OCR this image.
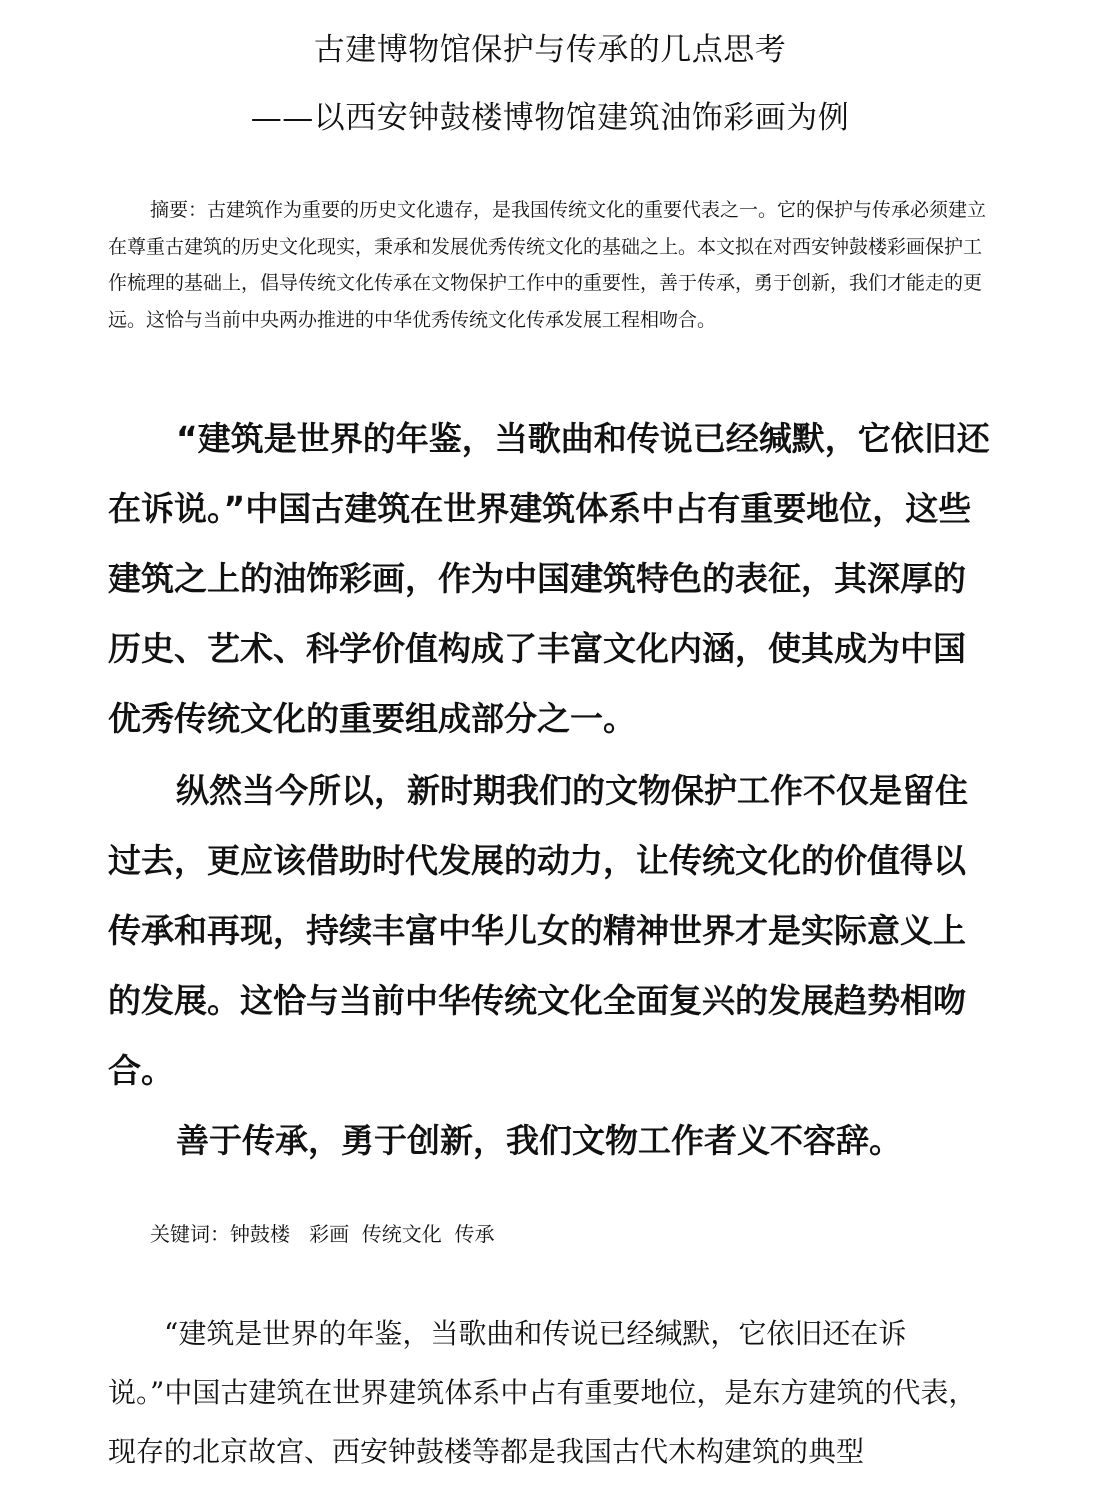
古建博物馆保护与传承的几点思考
——以西安钟鼓楼博物馆建筑油饰彩画为例

摘要：古建筑作为重要的历史文化遗存，是我国传统文化的重要代表之一。它的保护与传承必须建立在尊重古建筑的历史文化现实，秉承和发展优秀传统文化的基础之上。本文拟在对西安钟鼓楼彩画保护工作梳理的基础上，倡导传统文化传承在文物保护工作中的重要性，善于传承，勇于创新，我们才能走的更远。这恰与当前中央两办推进的中华优秀传统文化传承发展工程相吻合。

“建筑是世界的年鉴，当歌曲和传说已经缄默，它依旧还在诉说。”中国古建筑在世界建筑体系中占有重要地位，这些建筑之上的油饰彩画，作为中国建筑特色的表征，其深厚的历史、艺术、科学价值构成了丰富文化内涵，使其成为中国优秀传统文化的重要组成部分之一。

纵然当今所以，新时期我们的文物保护工作不仅是留住过去，更应该借助时代发展的动力，让传统文化的价值得以传承和再现，持续丰富中华儿女的精神世界才是实际意义上的发展。这恰与当前中华传统文化全面复兴的发展趋势相吻合。

善于传承，勇于创新，我们文物工作者义不容辞。

关键词：钟鼓楼   彩画  传统文化  传承

“建筑是世界的年鉴，当歌曲和传说已经缄默，它依旧还在诉说。”中国古建筑在世界建筑体系中占有重要地位，是东方建筑的代表，现存的北京故宫、西安钟鼓楼等都是我国古代木构建筑的典型
